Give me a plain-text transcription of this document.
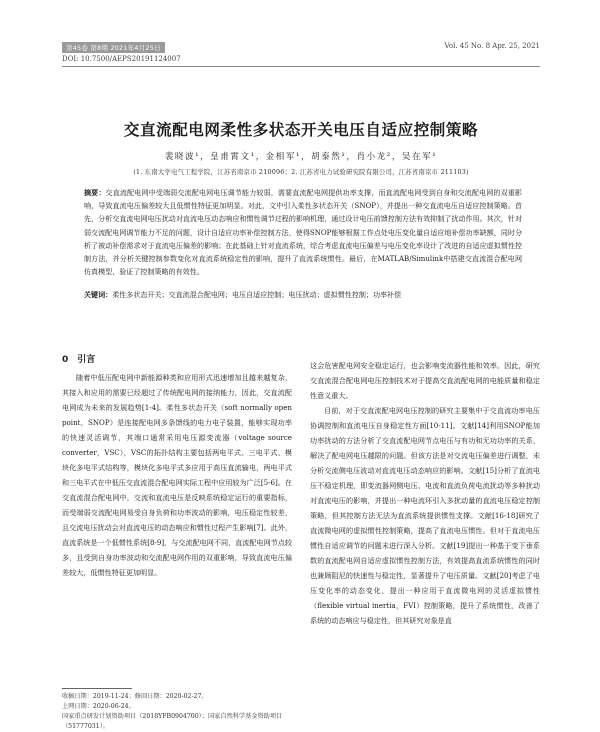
第45卷 第8期 2021年4月25日	Vol. 45 No. 8 Apr. 25, 2021
DOI: 10.7500/AEPS20191124007
交直流配电网柔性多状态开关电压自适应控制策略
裴晓波¹，皇甫霄文¹，金相军¹，胡泰然¹，肖小龙²，吴在军¹
(1. 东南大学电气工程学院，江苏省南京市 210096；2. 江苏省电力试验研究院有限公司，江苏省南京市 211103)
摘要：交直流配电网中受端弱交流配电网电压调节能力较弱，需要直流配电网提供功率支撑，而直流配电网受到自身和交流配电网的双重影响，导致直流电压偏差较大且低惯性特征更加明显。对此，文中引入柔性多状态开关（SNOP），并提出一种交直流电压自适应控制策略。首先，分析交直流电网电压扰动对直流电压动态响应和惯性调节过程的影响机理，通过设计电压前馈控制方法有效抑制了扰动作用。其次，针对弱交流配电网调节能力不足的问题，设计自适应功率补偿控制方法，使得SNOP能够根据工作点处电压变化量自适应地补偿功率缺额，同时分析了被动补偿需求对于直流电压偏差的影响；在此基础上针对直流系统，综合考虑直流电压偏差与电压变化率设计了改进的自适应虚拟惯性控制方法，并分析关键控制参数变化对直流系统稳定性的影响，提升了直流系统惯性。最后，在MATLAB/Simulink中搭建交直流混合配电网仿真模型，验证了控制策略的有效性。
关键词：柔性多状态开关；交直流混合配电网；电压自适应控制；电压扰动；虚拟惯性控制；功率补偿
0　引言

随着中低压配电网中新能源种类和应用形式迅速增加且越来越复杂，其接入和应用的需要已经超过了传统配电网的接纳能力，因此，交直流配电网成为未来的发展趋势[1-4]。柔性多状态开关（soft normally open point，SNOP）是连接配电网多条馈线的电力电子装置，能够实现功率的快速灵活调节，其端口通常采用电压源变流器（voltage source converter，VSC），VSC的拓扑结构主要包括两电平式、三电平式、模块化多电平式结构等，模块化多电平式多应用于高压直流输电，两电平式和三电平式在中低压交直流混合配电网实际工程中应用较为广泛[5-6]。在交直流混合配电网中，交流和直流电压是反映系统稳定运行的重要指标，而受端弱交流配电网易受自身负荷和功率波动的影响，电压稳定性较差，且交流电压扰动会对直流电压的动态响应和惯性过程产生影响[7]。此外，直流系统是一个低惯性系统[8-9]，与交流配电网不同，直流配电网节点较多，且受到自身功率波动和交流配电网作用的双重影响，导致直流电压偏差较大，低惯性特征更加明显。

这会危害配电网安全稳定运行，也会影响变流器性能和效率。因此，研究交直流混合配电网电压控制技术对于提高交直流配电网的电能质量和稳定性意义重大。

目前，对于交直流配电网电压控制的研究主要集中于交直流功率电压协调控制和直流电压自身稳定性方面[10-11]。文献[14]利用SNOP能加功率扰动的方法分析了交直流配电网节点电压与有功和无功功率的关系，解决了配电网电压越限的问题。但该方法是对交流电压偏差进行调整，未分析交流侧电压波动对直流电压动态响应的影响。文献[15]分析了直流电压不稳定机理，即变流器网侧电压、电流和直流负荷电流扰动等多种扰动对直流电压的影响，并提出一种电流环引入多扰动量的直流电压稳定控制策略，但其控制方法无法为直流系统提供惯性支撑。文献[16-18]研究了直流微电网的虚拟惯性控制策略，提高了直流电压惯性。但对于直流电压惯性自适应调节的问题未进行深入分析。文献[19]提出一种基于变下垂系数的直流配电网自适应虚拟惯性控制方法，有效提高直流系统惯性的同时也兼顾阻尼的快速性与稳定性，显著提升了电压质量。文献[20]考虑了电压变化率的动态变化，提出一种应用于直流微电网的灵活虚拟惯性（flexible virtual inertia，FVI）控制策略，提升了系统惯性，改善了系统的动态响应与稳定性，但其研究对象是直

收稿日期：2019-11-24；修回日期：2020-02-27。
上网日期：2020-06-24。
国家重点研发计划资助项目（2018YFB0904700）；国家自然科学基金资助项目（51777031）。
